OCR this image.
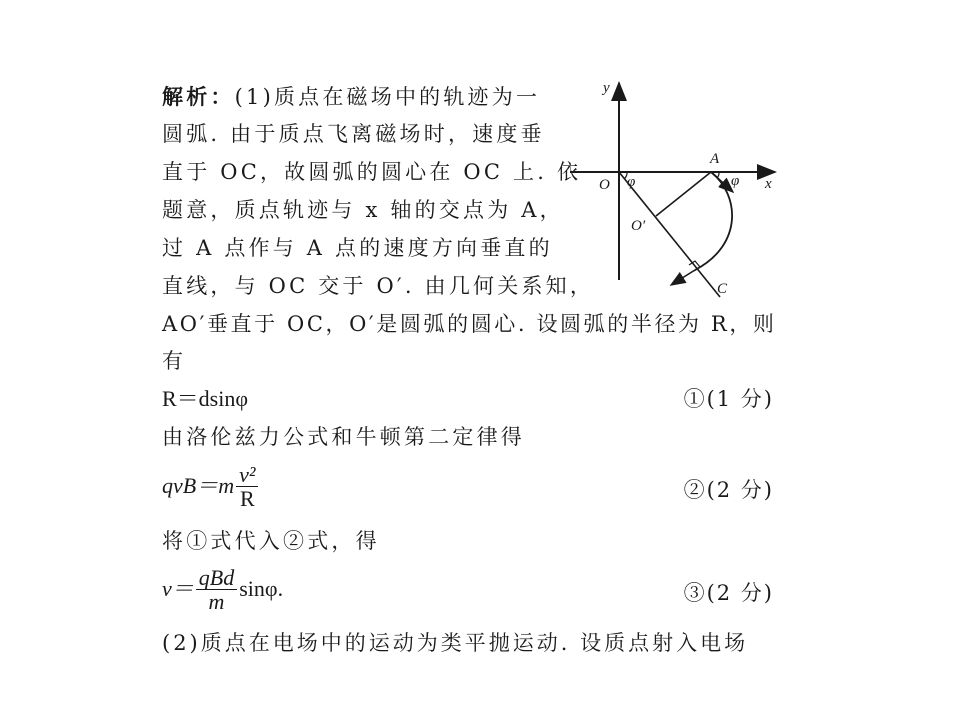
解析：(1)质点在磁场中的轨迹为一
圆弧. 由于质点飞离磁场时，速度垂
直于 OC，故圆弧的圆心在 OC 上. 依
题意，质点轨迹与 x 轴的交点为 A，
过 A 点作与 A 点的速度方向垂直的
直线，与 OC 交于 O′. 由几何关系知，
AO′垂直于 OC，O′是圆弧的圆心. 设圆弧的半径为 R，则
有
R＝dsinφ	①(1 分)
由洛伦兹力公式和牛顿第二定律得
$qvB=m \frac{\text{v²}}{R}$	②(2 分)
将①式代入②式，得
$v= \frac{\text{qBd}}{m} \sin\varphi$.	③(2 分)
(2)质点在电场中的运动为类平抛运动. 设质点射入电场
y
x
O
A
O′
C
φ	φ
